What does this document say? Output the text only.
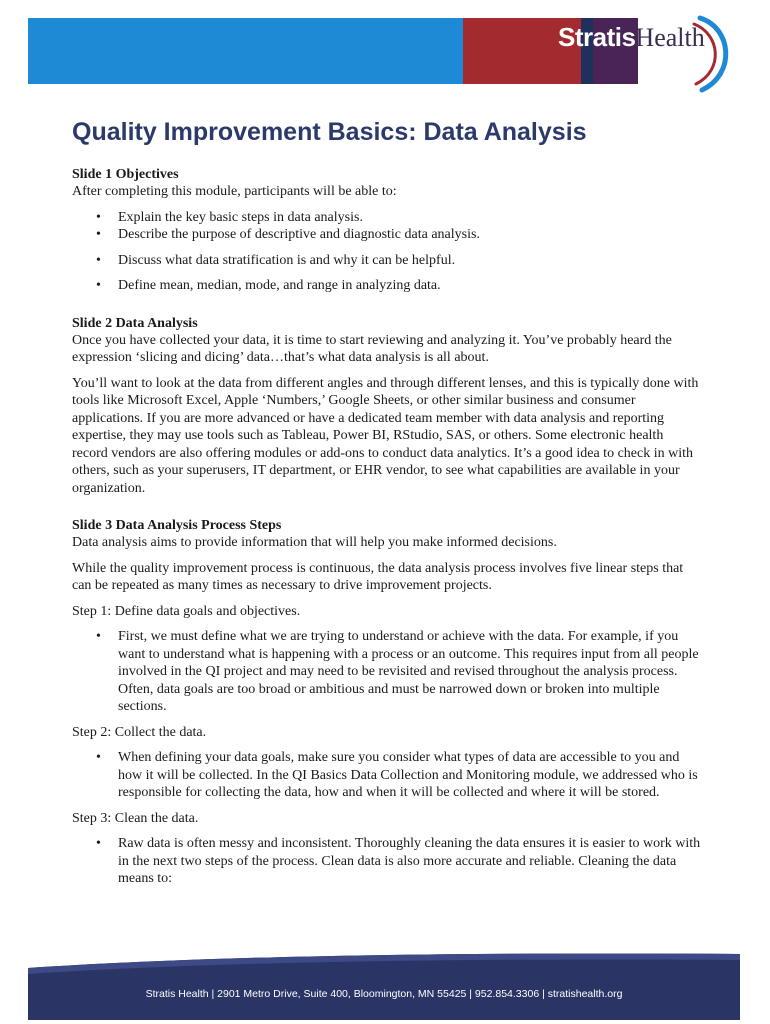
StratisHealth
Quality Improvement Basics: Data Analysis
Slide 1 Objectives

After completing this module, participants will be able to:

• Explain the key basic steps in data analysis.
• Describe the purpose of descriptive and diagnostic data analysis.
• Discuss what data stratification is and why it can be helpful.
• Define mean, median, mode, and range in analyzing data.
Slide 2 Data Analysis

Once you have collected your data, it is time to start reviewing and analyzing it. You’ve probably heard the expression ‘slicing and dicing’ data…that’s what data analysis is all about.

You’ll want to look at the data from different angles and through different lenses, and this is typically done with tools like Microsoft Excel, Apple ‘Numbers,’ Google Sheets, or other similar business and consumer applications. If you are more advanced or have a dedicated team member with data analysis and reporting expertise, they may use tools such as Tableau, Power BI, RStudio, SAS, or others. Some electronic health record vendors are also offering modules or add-ons to conduct data analytics. It’s a good idea to check in with others, such as your superusers, IT department, or EHR vendor, to see what capabilities are available in your organization.

Slide 3 Data Analysis Process Steps

Data analysis aims to provide information that will help you make informed decisions.

While the quality improvement process is continuous, the data analysis process involves five linear steps that can be repeated as many times as necessary to drive improvement projects.

Step 1: Define data goals and objectives.

• First, we must define what we are trying to understand or achieve with the data. For example, if you want to understand what is happening with a process or an outcome. This requires input from all people involved in the QI project and may need to be revisited and revised throughout the analysis process. Often, data goals are too broad or ambitious and must be narrowed down or broken into multiple sections.

Step 2: Collect the data.

• When defining your data goals, make sure you consider what types of data are accessible to you and how it will be collected. In the QI Basics Data Collection and Monitoring module, we addressed who is responsible for collecting the data, how and when it will be collected and where it will be stored.

Step 3: Clean the data.

• Raw data is often messy and inconsistent. Thoroughly cleaning the data ensures it is easier to work with in the next two steps of the process. Clean data is also more accurate and reliable. Cleaning the data means to:
Stratis Health | 2901 Metro Drive, Suite 400, Bloomington, MN 55425 | 952.854.3306 | stratishealth.org
